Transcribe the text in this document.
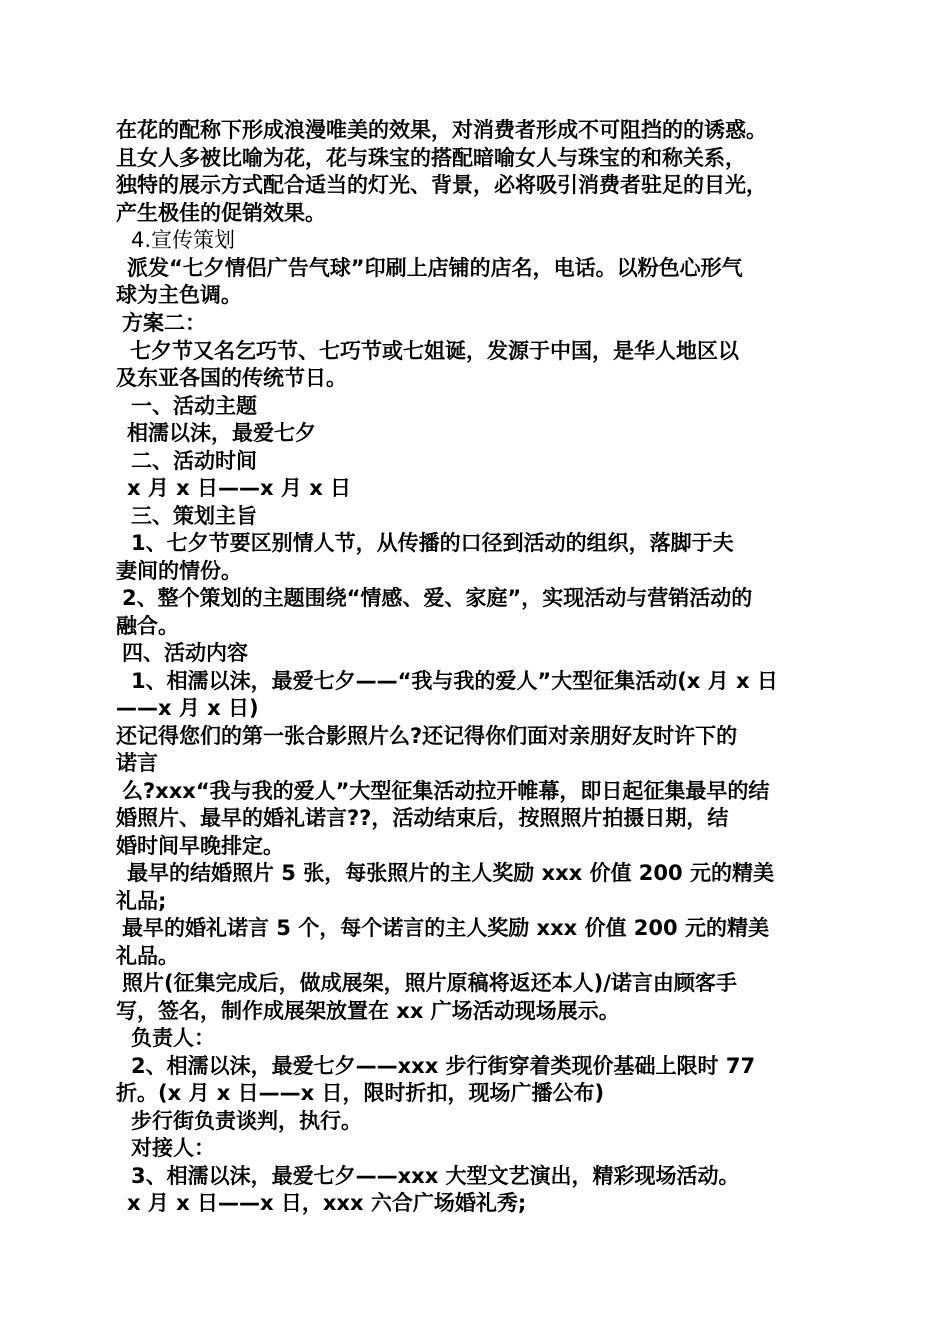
在花的配称下形成浪漫唯美的效果，对消费者形成不可阻挡的的诱惑。
且女人多被比喻为花，花与珠宝的搭配暗喻女人与珠宝的和称关系，
独特的展示方式配合适当的灯光、背景，必将吸引消费者驻足的目光，
产生极佳的促销效果。
4.宣传策划
派发“七夕情侣广告气球”印刷上店铺的店名，电话。以粉色心形气
球为主色调。
方案二：
七夕节又名乞巧节、七巧节或七姐诞，发源于中国，是华人地区以
及东亚各国的传统节日。
一、活动主题
相濡以沫，最爱七夕
二、活动时间
x 月 x 日——x 月 x 日
三、策划主旨
1、七夕节要区别情人节，从传播的口径到活动的组织，落脚于夫
妻间的情份。
2、整个策划的主题围绕“情感、爱、家庭”，实现活动与营销活动的
融合。
四、活动内容
1、相濡以沫，最爱七夕——“我与我的爱人”大型征集活动(x 月 x 日
——x 月 x 日)
还记得您们的第一张合影照片么?还记得你们面对亲朋好友时许下的
诺言
么?xxx“我与我的爱人”大型征集活动拉开帷幕，即日起征集最早的结
婚照片、最早的婚礼诺言??，活动结束后，按照照片拍摄日期，结
婚时间早晚排定。
最早的结婚照片 5 张，每张照片的主人奖励 xxx 价值 200 元的精美
礼品;
最早的婚礼诺言 5 个，每个诺言的主人奖励 xxx 价值 200 元的精美
礼品。
照片(征集完成后，做成展架，照片原稿将返还本人)/诺言由顾客手
写，签名，制作成展架放置在 xx 广场活动现场展示。
负责人：
2、相濡以沫，最爱七夕——xxx 步行街穿着类现价基础上限时 77
折。(x 月 x 日——x 日，限时折扣，现场广播公布)
步行街负责谈判，执行。
对接人：
3、相濡以沫，最爱七夕——xxx 大型文艺演出，精彩现场活动。
x 月 x 日——x 日，xxx 六合广场婚礼秀;
